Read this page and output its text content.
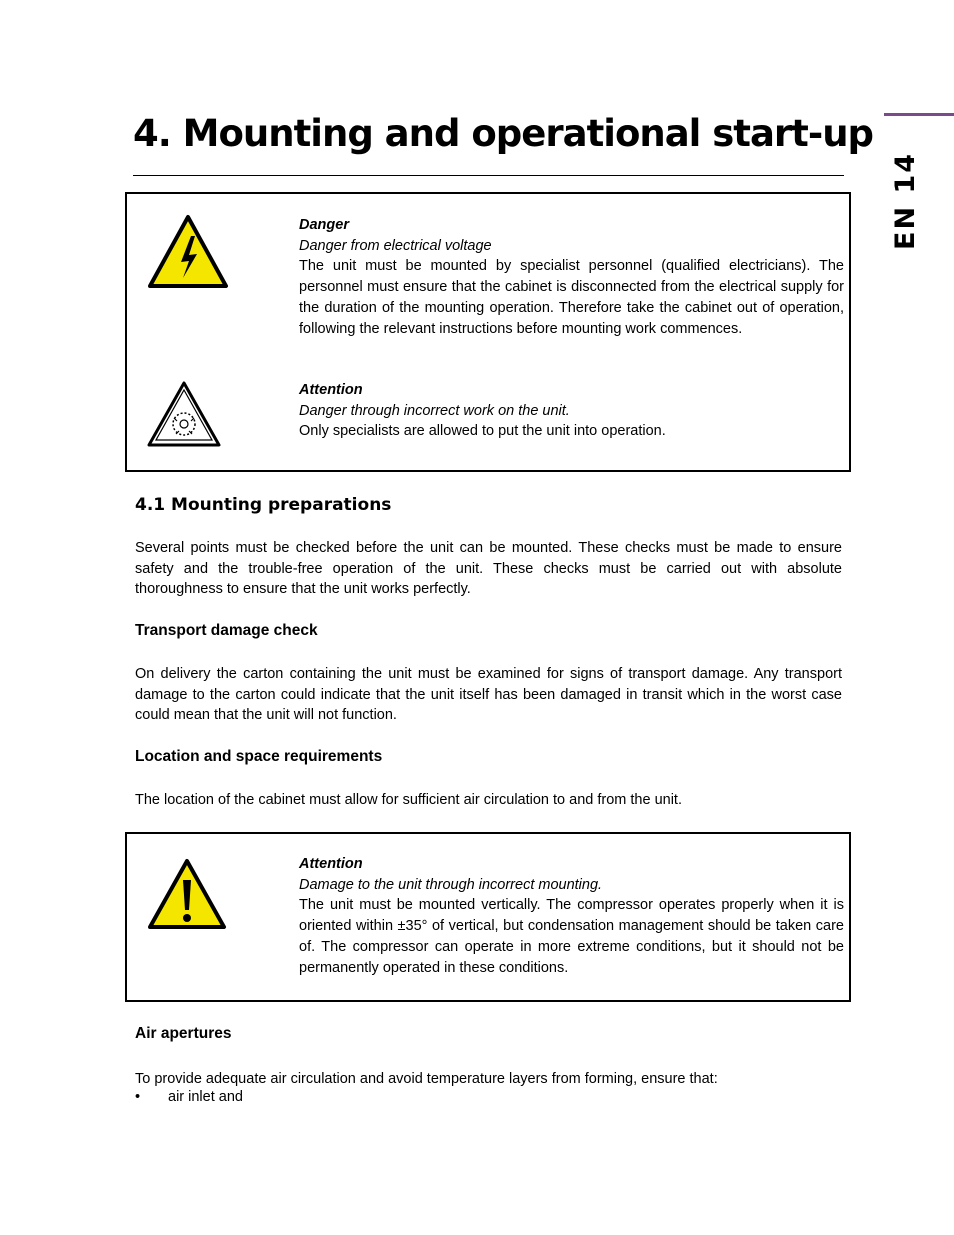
EN 14
4. Mounting and operational start-up
Danger
Danger from electrical voltage
The unit must be mounted by specialist personnel (qualified electricians). The personnel must ensure that the cabinet is disconnected from the electrical supply for the duration of the mounting operation. Therefore take the cabinet out of operation, following the relevant instructions before mounting work commences.
Attention
Danger through incorrect work on the unit.
Only specialists are allowed to put the unit into operation.
4.1 Mounting preparations

Several points must be checked before the unit can be mounted. These checks must be made to ensure safety and the trouble-free operation of the unit. These checks must be carried out with absolute thoroughness to ensure that the unit works perfectly.

Transport damage check

On delivery the carton containing the unit must be examined for signs of transport damage. Any transport damage to the carton could indicate that the unit itself has been damaged in transit which in the worst case could mean that the unit will not function.

Location and space requirements

The location of the cabinet must allow for sufficient air circulation to and from the unit.

Attention
Damage to the unit through incorrect mounting.
The unit must be mounted vertically. The compressor operates properly when it is oriented within ±35° of vertical, but condensation management should be taken care of. The compressor can operate in more extreme conditions, but it should not be permanently operated in these conditions.
Air apertures

To provide adequate air circulation and avoid temperature layers from forming, ensure that:

• air inlet and
